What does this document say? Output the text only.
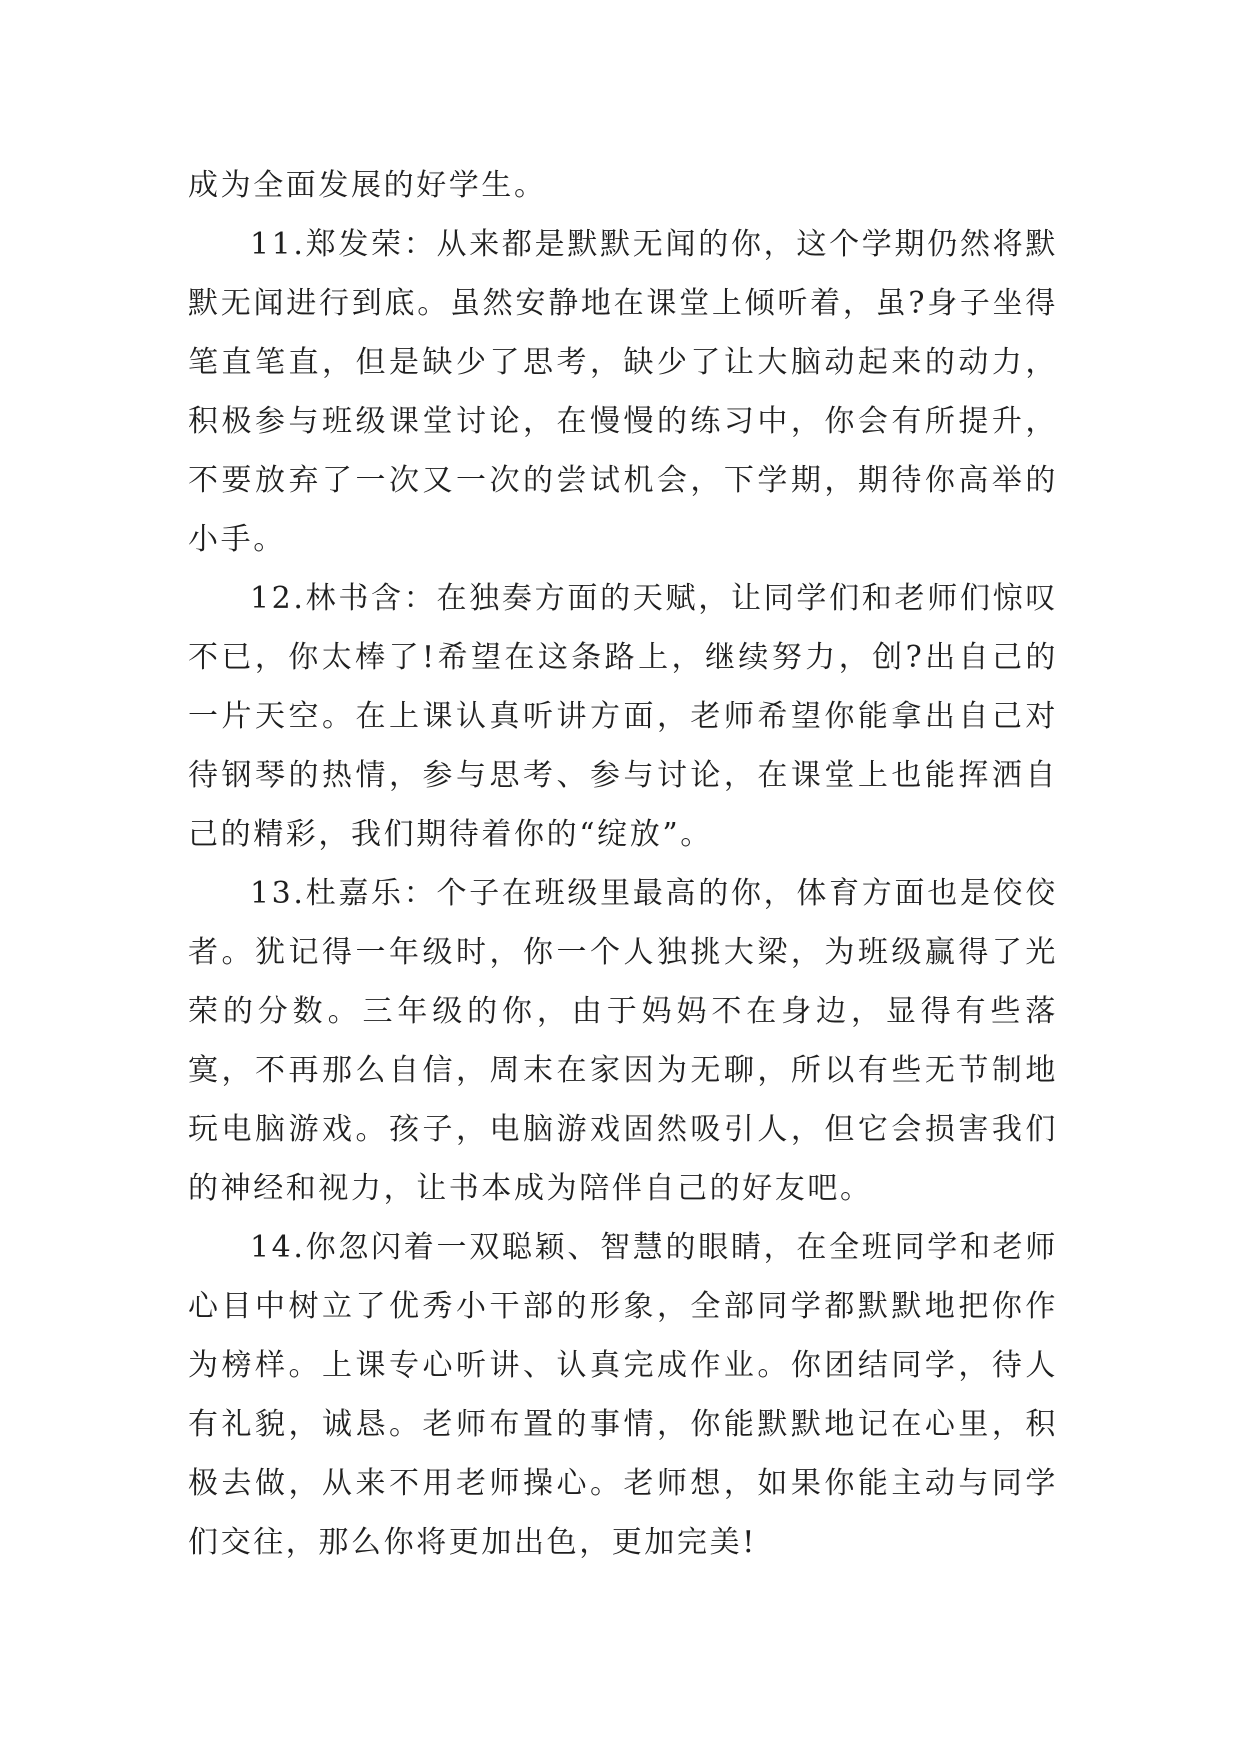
成为全面发展的好学生。

11.郑发荣：从来都是默默无闻的你，这个学期仍然将默默无闻进行到底。虽然安静地在课堂上倾听着，虽?身子坐得笔直笔直，但是缺少了思考，缺少了让大脑动起来的动力，积极参与班级课堂讨论，在慢慢的练习中，你会有所提升，不要放弃了一次又一次的尝试机会，下学期，期待你高举的小手。

12.林书含：在独奏方面的天赋，让同学们和老师们惊叹不已，你太棒了!希望在这条路上，继续努力，创?出自己的一片天空。在上课认真听讲方面，老师希望你能拿出自己对待钢琴的热情，参与思考、参与讨论，在课堂上也能挥洒自己的精彩，我们期待着你的“绽放”。

13.杜嘉乐：个子在班级里最高的你，体育方面也是佼佼者。犹记得一年级时，你一个人独挑大梁，为班级赢得了光荣的分数。三年级的你，由于妈妈不在身边，显得有些落寞，不再那么自信，周末在家因为无聊，所以有些无节制地玩电脑游戏。孩子，电脑游戏固然吸引人，但它会损害我们的神经和视力，让书本成为陪伴自己的好友吧。

14.你忽闪着一双聪颖、智慧的眼睛，在全班同学和老师心目中树立了优秀小干部的形象，全部同学都默默地把你作为榜样。上课专心听讲、认真完成作业。你团结同学，待人有礼貌，诚恳。老师布置的事情，你能默默地记在心里，积极去做，从来不用老师操心。老师想，如果你能主动与同学们交往，那么你将更加出色，更加完美!
